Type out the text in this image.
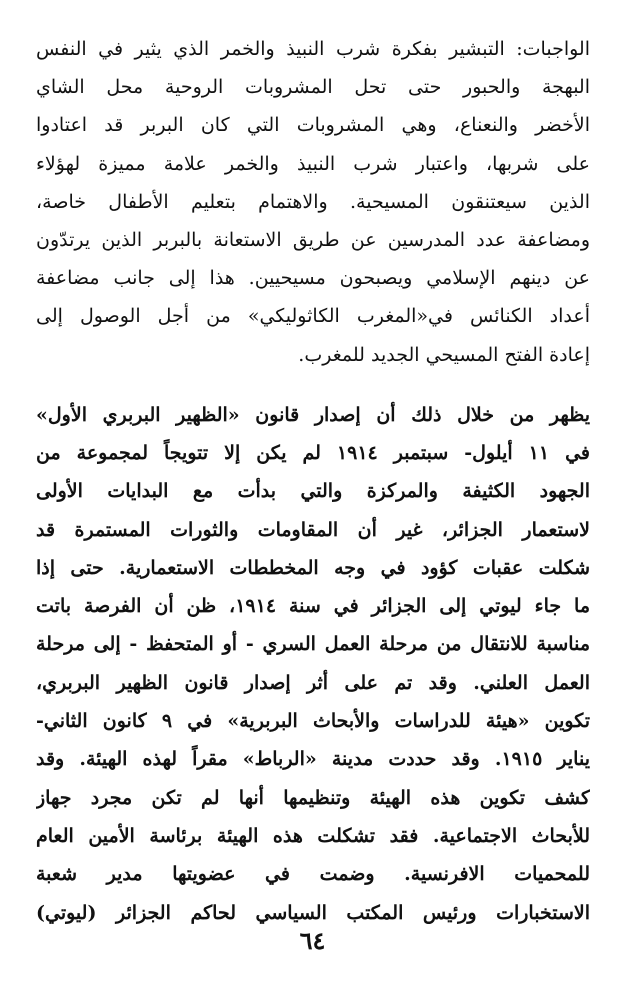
الواجبات: التبشير بفكرة شرب النبيذ والخمر الذي يثير في النفس
البهجة والحبور حتى تحل المشروبات الروحية محل الشاي
الأخضر والنعناع، وهي المشروبات التي كان البربر قد اعتادوا
على شربها، واعتبار شرب النبيذ والخمر علامة مميزة لهؤلاء
الذين سيعتنقون المسيحية. والاهتمام بتعليم الأطفال خاصة،
ومضاعفة عدد المدرسين عن طريق الاستعانة بالبربر الذين يرتدّون
عن دينهم الإسلامي ويصبحون مسيحيين. هذا إلى جانب مضاعفة
أعداد الكنائس في«المغرب الكاثوليكي» من أجل الوصول إلى
إعادة الفتح المسيحي الجديد للمغرب.

يظهر من خلال ذلك أن إصدار قانون «الظهير البربري الأول»
في ١١ أيلول- سبتمبر ١٩١٤ لم يكن إلا تتويجاً لمجموعة من
الجهود الكثيفة والمركزة والتي بدأت مع البدايات الأولى
لاستعمار الجزائر، غير أن المقاومات والثورات المستمرة قد
شكلت عقبات كؤود في وجه المخططات الاستعمارية. حتى إذا
ما جاء ليوتي إلى الجزائر في سنة ١٩١٤، ظن أن الفرصة باتت
مناسبة للانتقال من مرحلة العمل السري - أو المتحفظ - إلى مرحلة
العمل العلني. وقد تم على أثر إصدار قانون الظهير البربري،
تكوين «هيئة للدراسات والأبحاث البربرية» في ٩ كانون الثاني-
يناير ١٩١٥. وقد حددت مدينة «الرباط» مقراً لهذه الهيئة. وقد
كشف تكوين هذه الهيئة وتنظيمها أنها لم تكن مجرد جهاز
للأبحاث الاجتماعية. فقد تشكلت هذه الهيئة برئاسة الأمين العام
للمحميات الافرنسية. وضمت في عضويتها مدير شعبة
الاستخبارات ورئيس المكتب السياسي لحاكم الجزائر (ليوتي)

٦٤
